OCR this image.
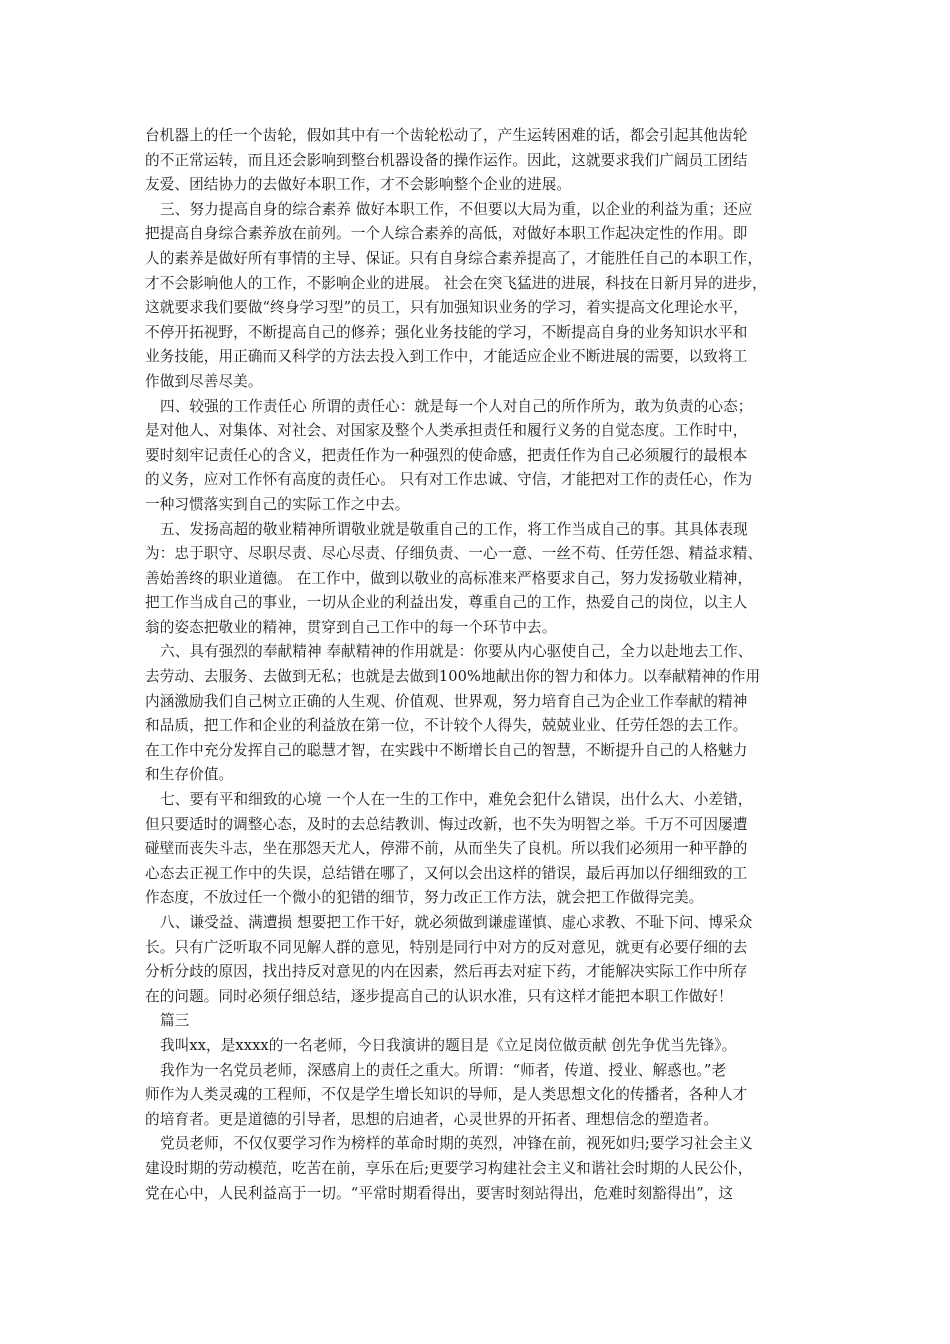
台机器上的任一个齿轮，假如其中有一个齿轮松动了，产生运转困难的话，都会引起其他齿轮
的不正常运转，而且还会影响到整台机器设备的操作运作。因此，这就要求我们广阔员工团结
友爱、团结协力的去做好本职工作，才不会影响整个企业的进展。
三、努力提高自身的综合素养 做好本职工作，不但要以大局为重，以企业的利益为重；还应
把提高自身综合素养放在前列。一个人综合素养的高低，对做好本职工作起决定性的作用。即
人的素养是做好所有事情的主导、保证。只有自身综合素养提高了，才能胜任自己的本职工作，
才不会影响他人的工作，不影响企业的进展。 社会在突飞猛进的进展，科技在日新月异的进步，
这就要求我们要做“终身学习型”的员工，只有加强知识业务的学习，着实提高文化理论水平，
不停开拓视野，不断提高自己的修养；强化业务技能的学习，不断提高自身的业务知识水平和
业务技能，用正确而又科学的方法去投入到工作中，才能适应企业不断进展的需要，以致将工
作做到尽善尽美。
四、较强的工作责任心 所谓的责任心：就是每一个人对自己的所作所为，敢为负责的心态；
是对他人、对集体、对社会、对国家及整个人类承担责任和履行义务的自觉态度。工作时中，
要时刻牢记责任心的含义，把责任作为一种强烈的使命感，把责任作为自己必须履行的最根本
的义务，应对工作怀有高度的责任心。 只有对工作忠诚、守信，才能把对工作的责任心，作为
一种习惯落实到自己的实际工作之中去。
五、发扬高超的敬业精神所谓敬业就是敬重自己的工作，将工作当成自己的事。其具体表现
为：忠于职守、尽职尽责、尽心尽责、仔细负责、一心一意、一丝不苟、任劳任怨、精益求精、
善始善终的职业道德。 在工作中，做到以敬业的高标准来严格要求自己，努力发扬敬业精神，
把工作当成自己的事业，一切从企业的利益出发，尊重自己的工作，热爱自己的岗位，以主人
翁的姿态把敬业的精神，贯穿到自己工作中的每一个环节中去。
六、具有强烈的奉献精神 奉献精神的作用就是：你要从内心驱使自己，全力以赴地去工作、
去劳动、去服务、去做到无私；也就是去做到100%地献出你的智力和体力。以奉献精神的作用
内涵激励我们自己树立正确的人生观、价值观、世界观，努力培育自己为企业工作奉献的精神
和品质，把工作和企业的利益放在第一位，不计较个人得失，兢兢业业、任劳任怨的去工作。
在工作中充分发挥自己的聪慧才智，在实践中不断增长自己的智慧，不断提升自己的人格魅力
和生存价值。
七、要有平和细致的心境 一个人在一生的工作中，难免会犯什么错误，出什么大、小差错，
但只要适时的调整心态，及时的去总结教训、悔过改新，也不失为明智之举。千万不可因屡遭
碰壁而丧失斗志，坐在那怨天尤人，停滞不前，从而坐失了良机。所以我们必须用一种平静的
心态去正视工作中的失误，总结错在哪了，又何以会出这样的错误，最后再加以仔细细致的工
作态度，不放过任一个微小的犯错的细节，努力改正工作方法，就会把工作做得完美。
八、谦受益、满遭损 想要把工作干好，就必须做到谦虚谨慎、虚心求教、不耻下问、博采众
长。只有广泛听取不同见解人群的意见，特别是同行中对方的反对意见，就更有必要仔细的去
分析分歧的原因，找出持反对意见的内在因素，然后再去对症下药，才能解决实际工作中所存
在的问题。同时必须仔细总结，逐步提高自己的认识水准，只有这样才能把本职工作做好！
篇三
我叫xx，是xxxx的一名老师，今日我演讲的题目是《立足岗位做贡献 创先争优当先锋》。
我作为一名党员老师，深感肩上的责任之重大。所谓：“师者，传道、授业、解惑也。”老
师作为人类灵魂的工程师，不仅是学生增长知识的导师，是人类思想文化的传播者，各种人才
的培育者。更是道德的引导者，思想的启迪者，心灵世界的开拓者、理想信念的塑造者。
党员老师，不仅仅要学习作为榜样的革命时期的英烈，冲锋在前，视死如归;要学习社会主义
建设时期的劳动模范，吃苦在前，享乐在后;更要学习构建社会主义和谐社会时期的人民公仆，
党在心中，人民利益高于一切。“平常时期看得出，要害时刻站得出，危难时刻豁得出”，这
